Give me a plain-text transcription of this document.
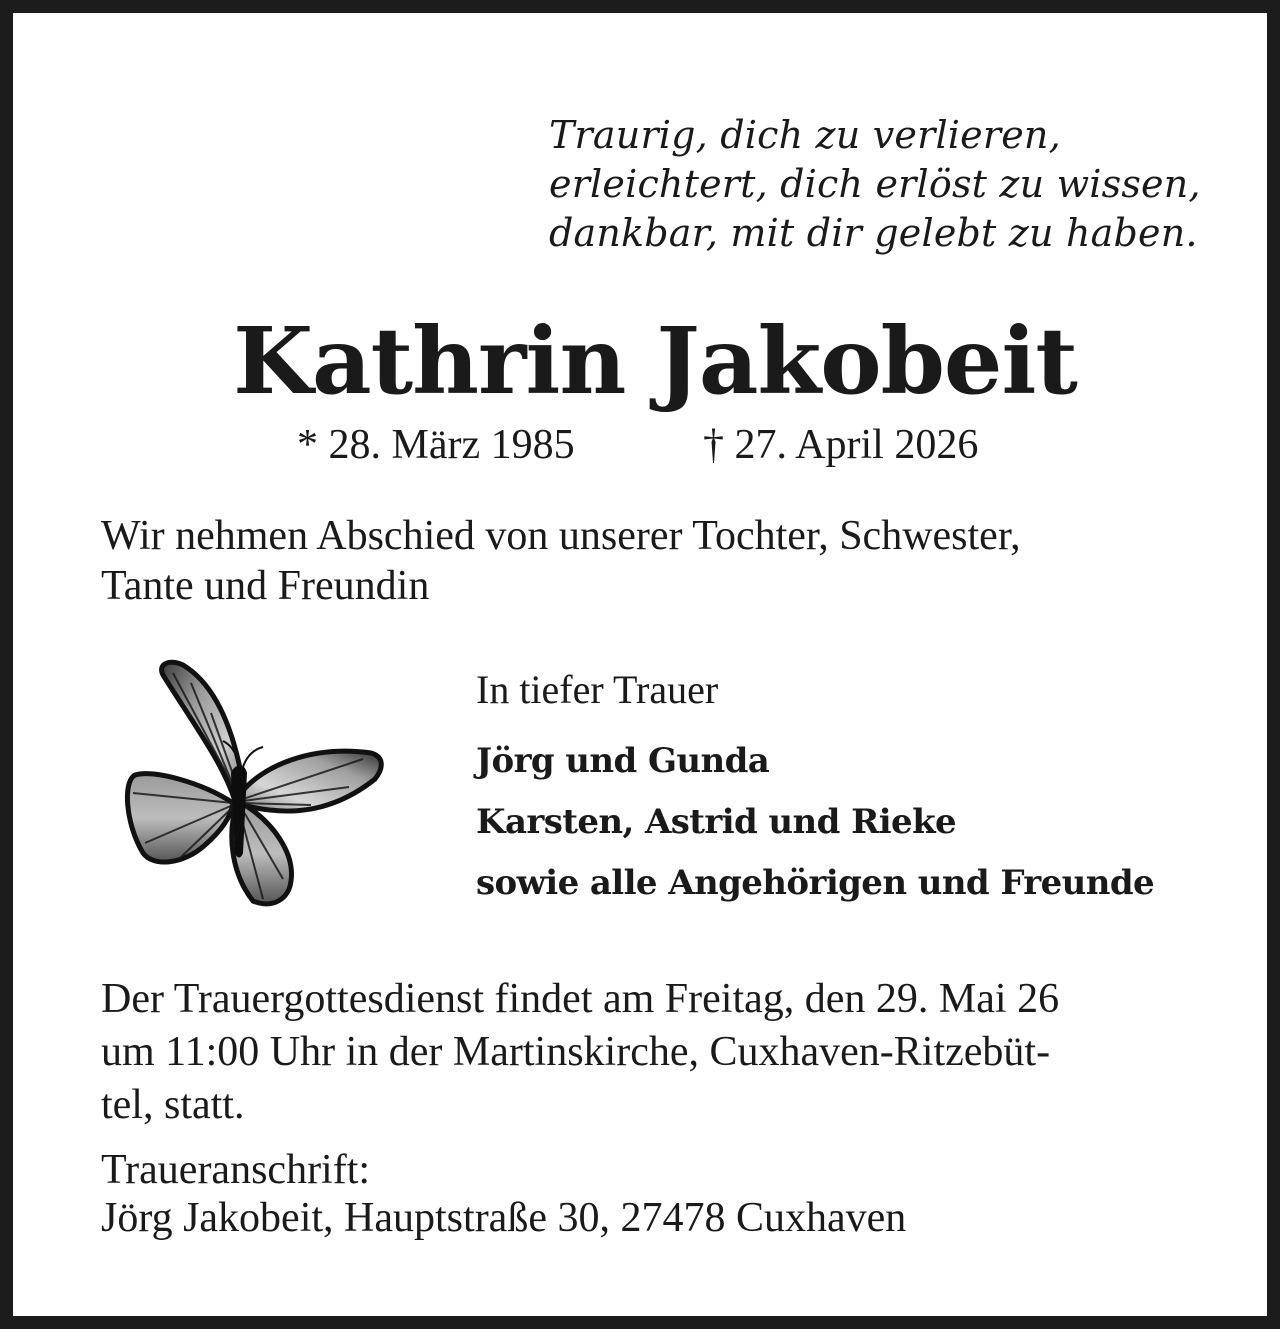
Traurig, dich zu verlieren,
erleichtert, dich erlöst zu wissen,
dankbar, mit dir gelebt zu haben.
Kathrin Jakobeit
* 28. März 1985	† 27. April 2026
Wir nehmen Abschied von unserer Tochter, Schwester,
Tante und Freundin
In tiefer Trauer
Jörg und Gunda
Karsten, Astrid und Rieke
sowie alle Angehörigen und Freunde
Der Trauergottesdienst findet am Freitag, den 29. Mai 26
um 11:00 Uhr in der Martinskirche, Cuxhaven-Ritzebüt-
tel, statt.
Traueranschrift:
Jörg Jakobeit, Hauptstraße 30, 27478 Cuxhaven
